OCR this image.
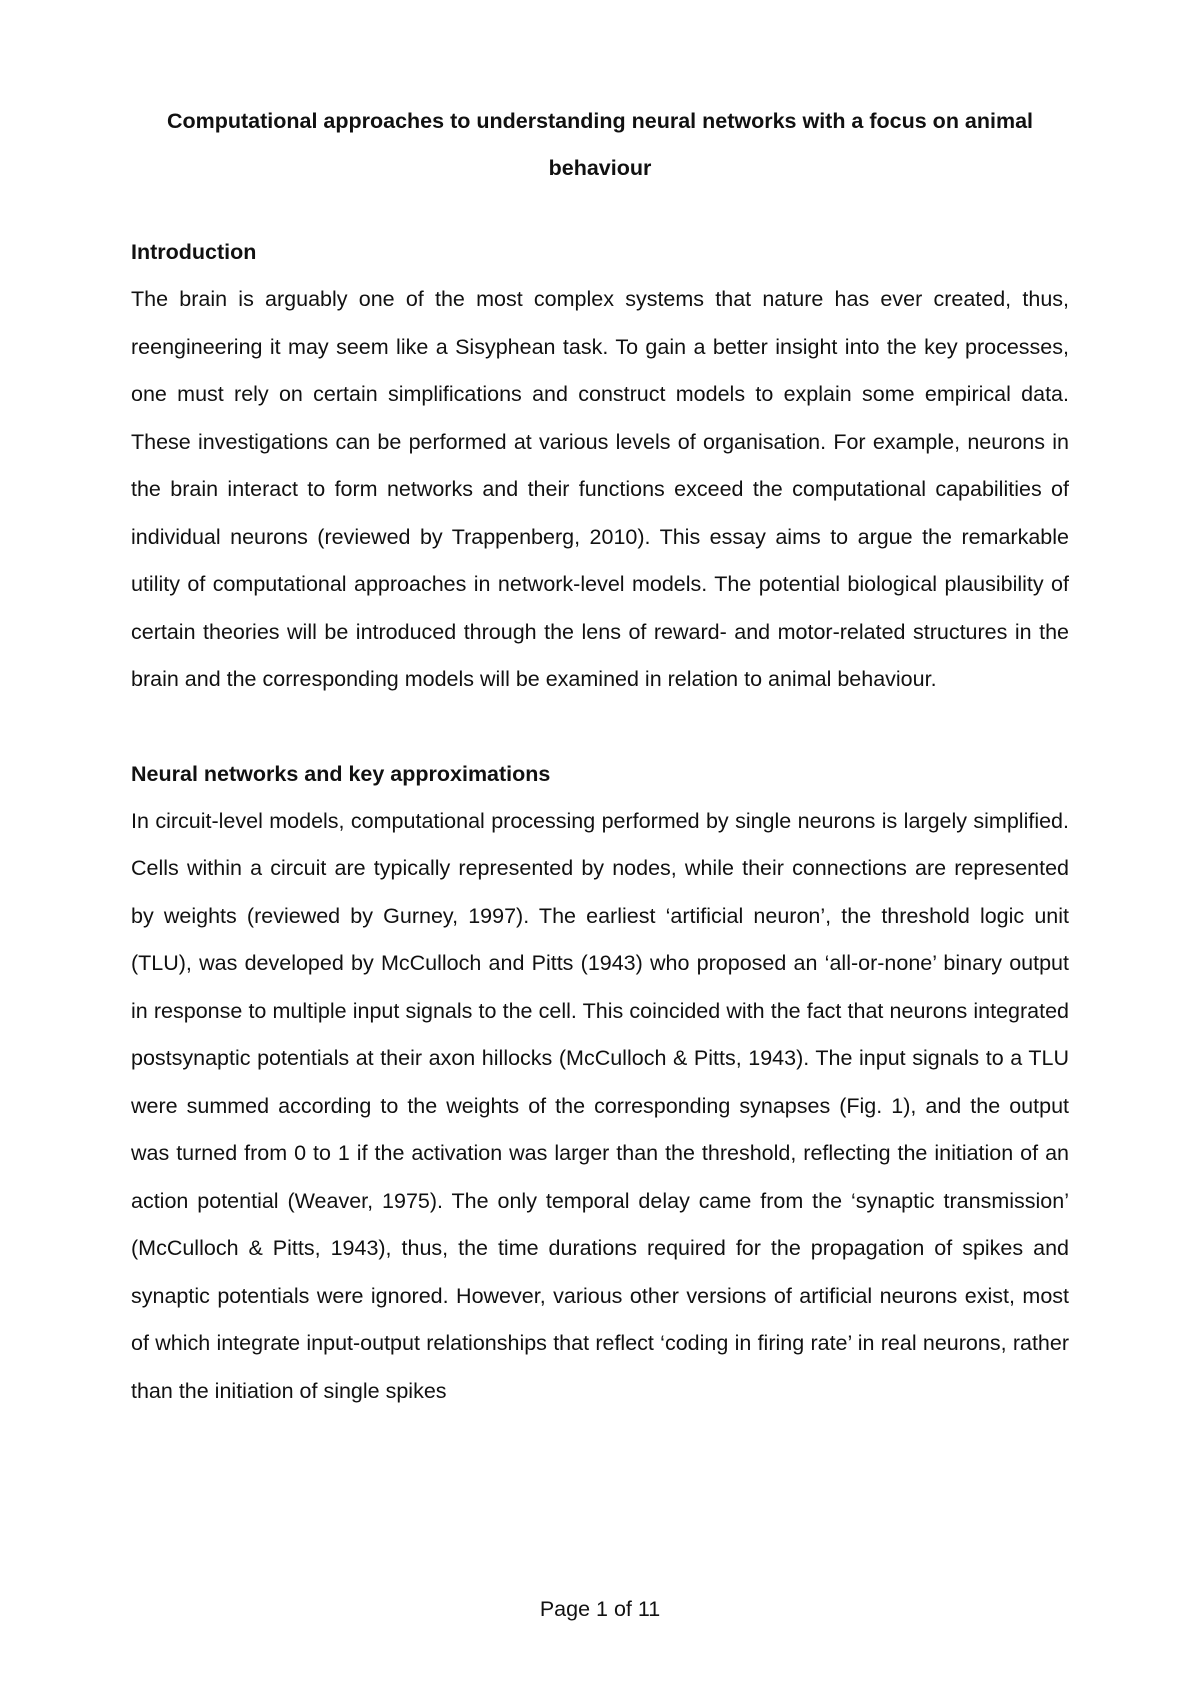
Computational approaches to understanding neural networks with a focus on animal behaviour
Introduction

The brain is arguably one of the most complex systems that nature has ever created, thus, reengineering it may seem like a Sisyphean task. To gain a better insight into the key processes, one must rely on certain simplifications and construct models to explain some empirical data. These investigations can be performed at various levels of organisation. For example, neurons in the brain interact to form networks and their functions exceed the computational capabilities of individual neurons (reviewed by Trappenberg, 2010). This essay aims to argue the remarkable utility of computational approaches in network-level models. The potential biological plausibility of certain theories will be introduced through the lens of reward- and motor-related structures in the brain and the corresponding models will be examined in relation to animal behaviour.

Neural networks and key approximations

In circuit-level models, computational processing performed by single neurons is largely simplified. Cells within a circuit are typically represented by nodes, while their connections are represented by weights (reviewed by Gurney, 1997). The earliest ‘artificial neuron’, the threshold logic unit (TLU), was developed by McCulloch and Pitts (1943) who proposed an ‘all-or-none’ binary output in response to multiple input signals to the cell. This coincided with the fact that neurons integrated postsynaptic potentials at their axon hillocks (McCulloch & Pitts, 1943). The input signals to a TLU were summed according to the weights of the corresponding synapses (Fig. 1), and the output was turned from 0 to 1 if the activation was larger than the threshold, reflecting the initiation of an action potential (Weaver, 1975). The only temporal delay came from the ‘synaptic transmission’ (McCulloch & Pitts, 1943), thus, the time durations required for the propagation of spikes and synaptic potentials were ignored. However, various other versions of artificial neurons exist, most of which integrate input-output relationships that reflect ‘coding in firing rate’ in real neurons, rather than the initiation of single spikes

Page 1 of 11
